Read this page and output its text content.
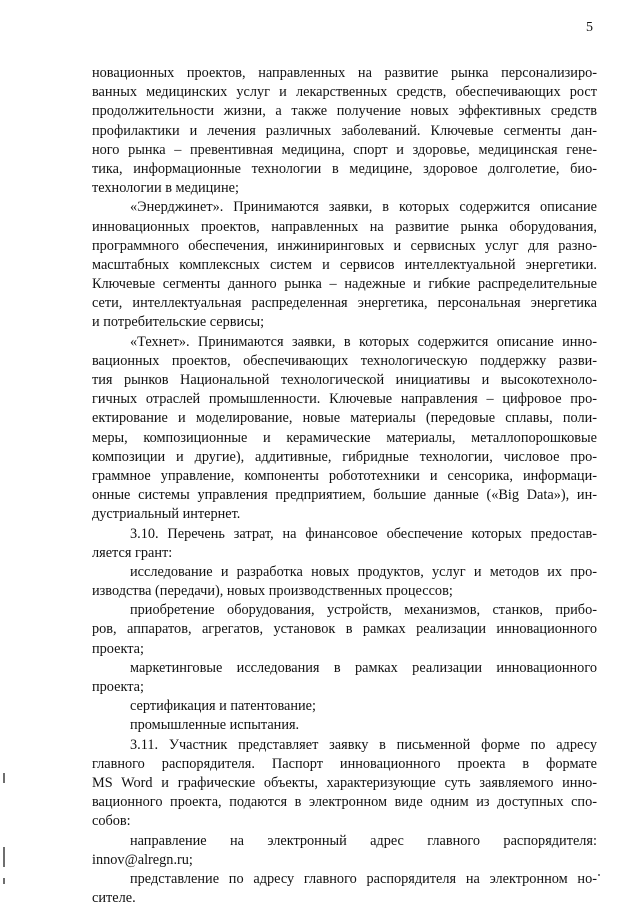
5
новационных проектов, направленных на развитие рынка персонализиро-
ванных медицинских услуг и лекарственных средств, обеспечивающих рост
продолжительности жизни, а также получение новых эффективных средств
профилактики и лечения различных заболеваний. Ключевые сегменты дан-
ного рынка – превентивная медицина, спорт и здоровье, медицинская гене-
тика, информационные технологии в медицине, здоровое долголетие, био-
технологии в медицине;
«Энерджинет». Принимаются заявки, в которых содержится описание
инновационных проектов, направленных на развитие рынка оборудования,
программного обеспечения, инжиниринговых и сервисных услуг для разно-
масштабных комплексных систем и сервисов интеллектуальной энергетики.
Ключевые сегменты данного рынка – надежные и гибкие распределительные
сети, интеллектуальная распределенная энергетика, персональная энергетика
и потребительские сервисы;
«Технет». Принимаются заявки, в которых содержится описание инно-
вационных проектов, обеспечивающих технологическую поддержку разви-
тия рынков Национальной технологической инициативы и высокотехноло-
гичных отраслей промышленности. Ключевые направления – цифровое про-
ектирование и моделирование, новые материалы (передовые сплавы, поли-
меры, композиционные и керамические материалы, металлопорошковые
композиции и другие), аддитивные, гибридные технологии, числовое про-
граммное управление, компоненты робототехники и сенсорика, информаци-
онные системы управления предприятием, большие данные («Big Data»), ин-
дустриальный интернет.
3.10. Перечень затрат, на финансовое обеспечение которых предостав-
ляется грант:
исследование и разработка новых продуктов, услуг и методов их про-
изводства (передачи), новых производственных процессов;
приобретение оборудования, устройств, механизмов, станков, прибо-
ров, аппаратов, агрегатов, установок в рамках реализации инновационного
проекта;
маркетинговые исследования в рамках реализации инновационного
проекта;
сертификация и патентование;
промышленные испытания.
3.11. Участник представляет заявку в письменной форме по адресу
главного распорядителя. Паспорт инновационного проекта в формате
MS Word и графические объекты, характеризующие суть заявляемого инно-
вационного проекта, подаются в электронном виде одним из доступных спо-
собов:
направление на электронный адрес главного распорядителя:
innov@alregn.ru;
представление по адресу главного распорядителя на электронном но-
сителе.
